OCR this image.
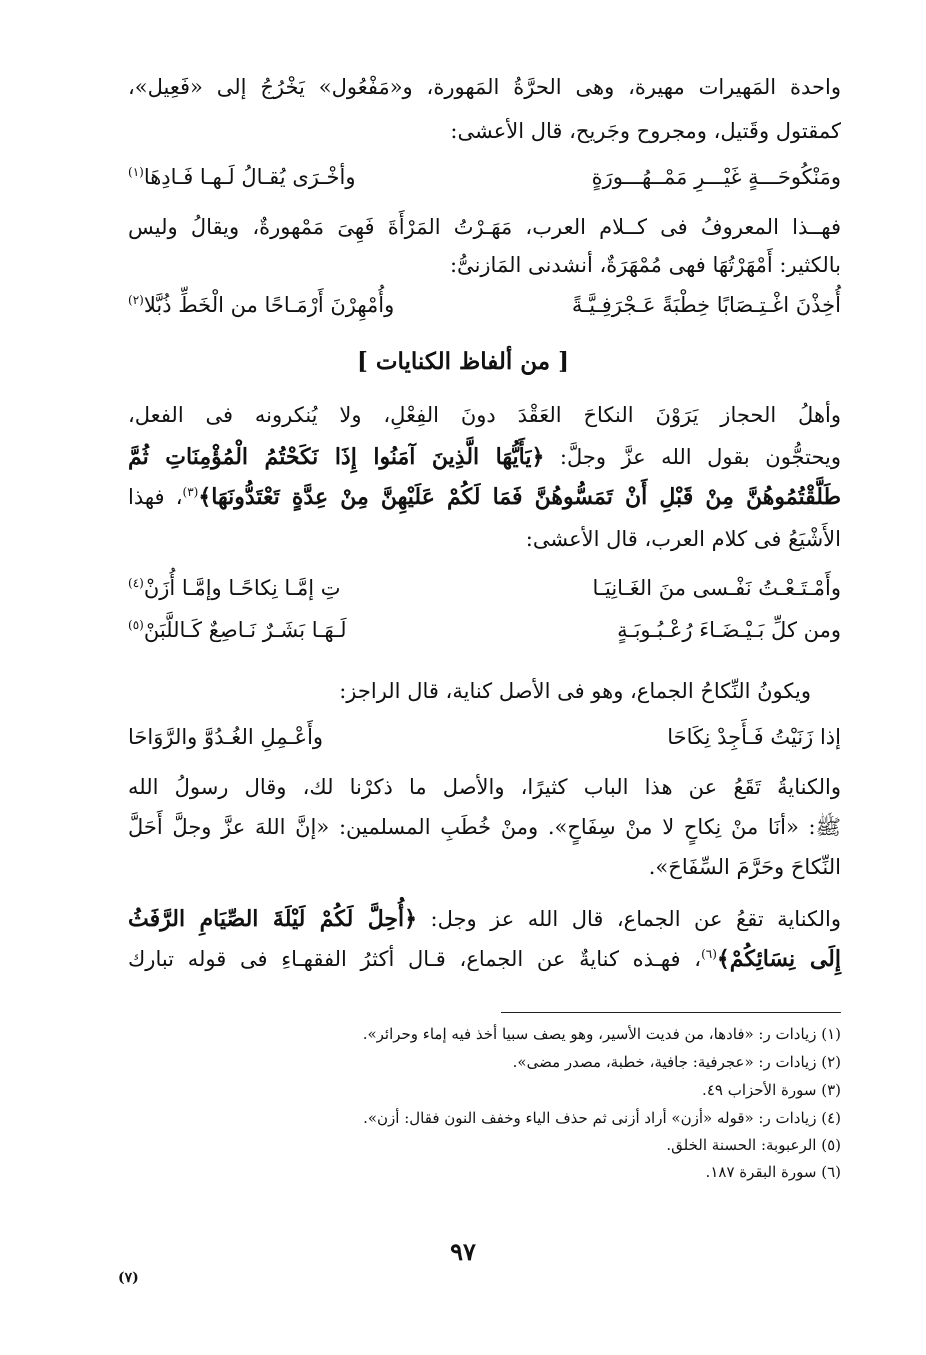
واحدة المَهيرات مهيرة، وهى الحرَّةُ المَهورة، و«مَفْعُول» يَخْرُجُ إلى «فَعِيل»،
كمقتول وقَتيل، ومجروح وجَريح، قال الأعشى:
ومَنْكُوحَـــةٍ غَيْـــرِ مَمْــهُـــورَةٍ
وأخْـرَى يُقـالُ لَـهـا فَـادِهَا$^{(١)}$
فهــذا المعروفُ فى كــلام العرب، مَهَـرْتُ المَرْأَةَ فَهِىَ مَمْهورةٌ، ويقالُ وليس
بالكثير: أَمْهَرْتُهَا فهى مُمْهَرَةٌ، أنشدنى المَازنىُّ:
أُخِذْنَ اغْـتِـصَابًا خِطْبَةً عَـجْرَفِـيَّـةً
وأُمْهِرْنَ أَرْمَـاحًا من الْخَطِّ ذُبَّلا$^{(٢)}$
[ من ألفاظ الكنايات ]
وأهلُ الحجاز يَرَوْنَ النكاحَ العَقْدَ دونَ الفِعْلِ، ولا يُنكرونه فى الفعل،
ويحتجُّون بقول الله عزَّ وجلَّ: ﴿يَأَيُّهَا الَّذِينَ آمَنُوا إِذَا نَكَحْتُمُ الْمُؤْمِنَاتِ ثُمَّ
طَلَّقْتُمُوهُنَّ مِنْ قَبْلِ أَنْ تَمَسُّوهُنَّ فَمَا لَكُمْ عَلَيْهِنَّ مِنْ عِدَّةٍ تَعْتَدُّونَهَا﴾$^{(٣)}$، فهذا
الأَشْيَعُ فى كلام العرب، قال الأعشى:
وأَمْـتَـعْـتُ نَفْـسى منَ الغَـانِيَـا
تِ إمَّـا نِكاحًـا وإمَّـا أُزَنْ$^{(٤)}$
ومن كلِّ بَـيْـضَـاءَ رُعْـبُـوبَـةٍ
لَـهَـا بَشَـرٌ نَـاصِعٌ كَـاللَّبَنْ$^{(٥)}$
ويكونُ النِّكاحُ الجماع، وهو فى الأصل كناية، قال الراجز:
إذا زَنَيْتُ فَـأَجِدْ نِكَاحَا
وأَعْـمِلِ الغُـدُوَّ والرَّوَاحَا
والكنايةُ تَقَعُ عن هذا الباب كثيرًا، والأصل ما ذكرْنا لك، وقال رسولُ الله
ﷺ: «أنَا منْ نِكاحٍ لا منْ سِفَاحٍ». ومنْ خُطَبِ المسلمين: «إنَّ اللهَ عزَّ وجلَّ أَحَلَّ
النِّكاحَ وحَرَّمَ السِّفَاحَ».
والكناية تقعُ عن الجماع، قال الله عز وجل: ﴿أُحِلَّ لَكُمْ لَيْلَةَ الصِّيَامِ الرَّفَثُ
إِلَى نِسَائِكُمْ﴾$^{(٦)}$، فهـذه كنايةٌ عن الجماع، قـال أكثرُ الفقهـاءِ فى قوله تبارك
(١) زيادات ر: «فادها، من فديت الأسير، وهو يصف سبيا أخذ فيه إماء وحرائر».
(٢) زيادات ر: «عجرفية: جافية، خطبة، مصدر مضى».
(٣) سورة الأحزاب ٤٩.
(٤) زيادات ر: «قوله «أزن» أراد أزنى ثم حذف الياء وخفف النون فقال: أزن».
(٥) الرعبوبة: الحسنة الخلق.
(٦) سورة البقرة ١٨٧.
٩٧
(٧)
